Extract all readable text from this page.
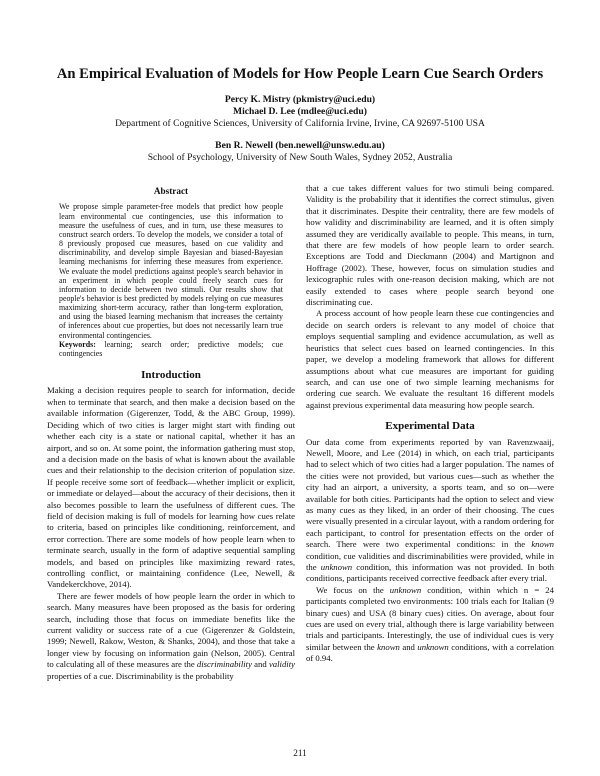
An Empirical Evaluation of Models for How People Learn Cue Search Orders
Percy K. Mistry (pkmistry@uci.edu)
Michael D. Lee (mdlee@uci.edu)
Department of Cognitive Sciences, University of California Irvine, Irvine, CA 92697-5100 USA
Ben R. Newell (ben.newell@unsw.edu.au)
School of Psychology, University of New South Wales, Sydney 2052, Australia

Abstract

We propose simple parameter-free models that predict how people learn environmental cue contingencies, use this information to measure the usefulness of cues, and in turn, use these measures to construct search orders. To develop the models, we consider a total of 8 previously proposed cue measures, based on cue validity and discriminability, and develop simple Bayesian and biased-Bayesian learning mechanisms for inferring these measures from experience. We evaluate the model predictions against people's search behavior in an experiment in which people could freely search cues for information to decide between two stimuli. Our results show that people's behavior is best predicted by models relying on cue measures maximizing short-term accuracy, rather than long-term exploration, and using the biased learning mechanism that increases the certainty of inferences about cue properties, but does not necessarily learn true environmental contingencies.

Keywords: learning; search order; predictive models; cue contingencies

Introduction

Making a decision requires people to search for information, decide when to terminate that search, and then make a decision based on the available information (Gigerenzer, Todd, & the ABC Group, 1999). Deciding which of two cities is larger might start with finding out whether each city is a state or national capital, whether it has an airport, and so on. At some point, the information gathering must stop, and a decision made on the basis of what is known about the available cues and their relationship to the decision criterion of population size. If people receive some sort of feedback—whether implicit or explicit, or immediate or delayed—about the accuracy of their decisions, then it also becomes possible to learn the usefulness of different cues. The field of decision making is full of models for learning how cues relate to criteria, based on principles like conditioning, reinforcement, and error correction. There are some models of how people learn when to terminate search, usually in the form of adaptive sequential sampling models, and based on principles like maximizing reward rates, controlling conflict, or maintaining confidence (Lee, Newell, & Vandekerckhove, 2014).

There are fewer models of how people learn the order in which to search. Many measures have been proposed as the basis for ordering search, including those that focus on immediate benefits like the current validity or success rate of a cue (Gigerenzer & Goldstein, 1999; Newell, Rakow, Weston, & Shanks, 2004), and those that take a longer view by focusing on information gain (Nelson, 2005). Central to calculating all of these measures are the discriminability and validity properties of a cue. Discriminability is the probability

that a cue takes different values for two stimuli being compared. Validity is the probability that it identifies the correct stimulus, given that it discriminates. Despite their centrality, there are few models of how validity and discriminability are learned, and it is often simply assumed they are veridically available to people. This means, in turn, that there are few models of how people learn to order search. Exceptions are Todd and Dieckmann (2004) and Martignon and Hoffrage (2002). These, however, focus on simulation studies and lexicographic rules with one-reason decision making, which are not easily extended to cases where people search beyond one discriminating cue.

A process account of how people learn these cue contingencies and decide on search orders is relevant to any model of choice that employs sequential sampling and evidence accumulation, as well as heuristics that select cues based on learned contingencies. In this paper, we develop a modeling framework that allows for different assumptions about what cue measures are important for guiding search, and can use one of two simple learning mechanisms for ordering cue search. We evaluate the resultant 16 different models against previous experimental data measuring how people search.

Experimental Data

Our data come from experiments reported by van Ravenzwaaij, Newell, Moore, and Lee (2014) in which, on each trial, participants had to select which of two cities had a larger population. The names of the cities were not provided, but various cues—such as whether the city had an airport, a university, a sports team, and so on—were available for both cities. Participants had the option to select and view as many cues as they liked, in an order of their choosing. The cues were visually presented in a circular layout, with a random ordering for each participant, to control for presentation effects on the order of search. There were two experimental conditions: in the known condition, cue validities and discriminabilities were provided, while in the unknown condition, this information was not provided. In both conditions, participants received corrective feedback after every trial.

We focus on the unknown condition, within which n = 24 participants completed two environments: 100 trials each for Italian (9 binary cues) and USA (8 binary cues) cities. On average, about four cues are used on every trial, although there is large variability between trials and participants. Interestingly, the use of individual cues is very similar between the known and unknown conditions, with a correlation of 0.94.

211
